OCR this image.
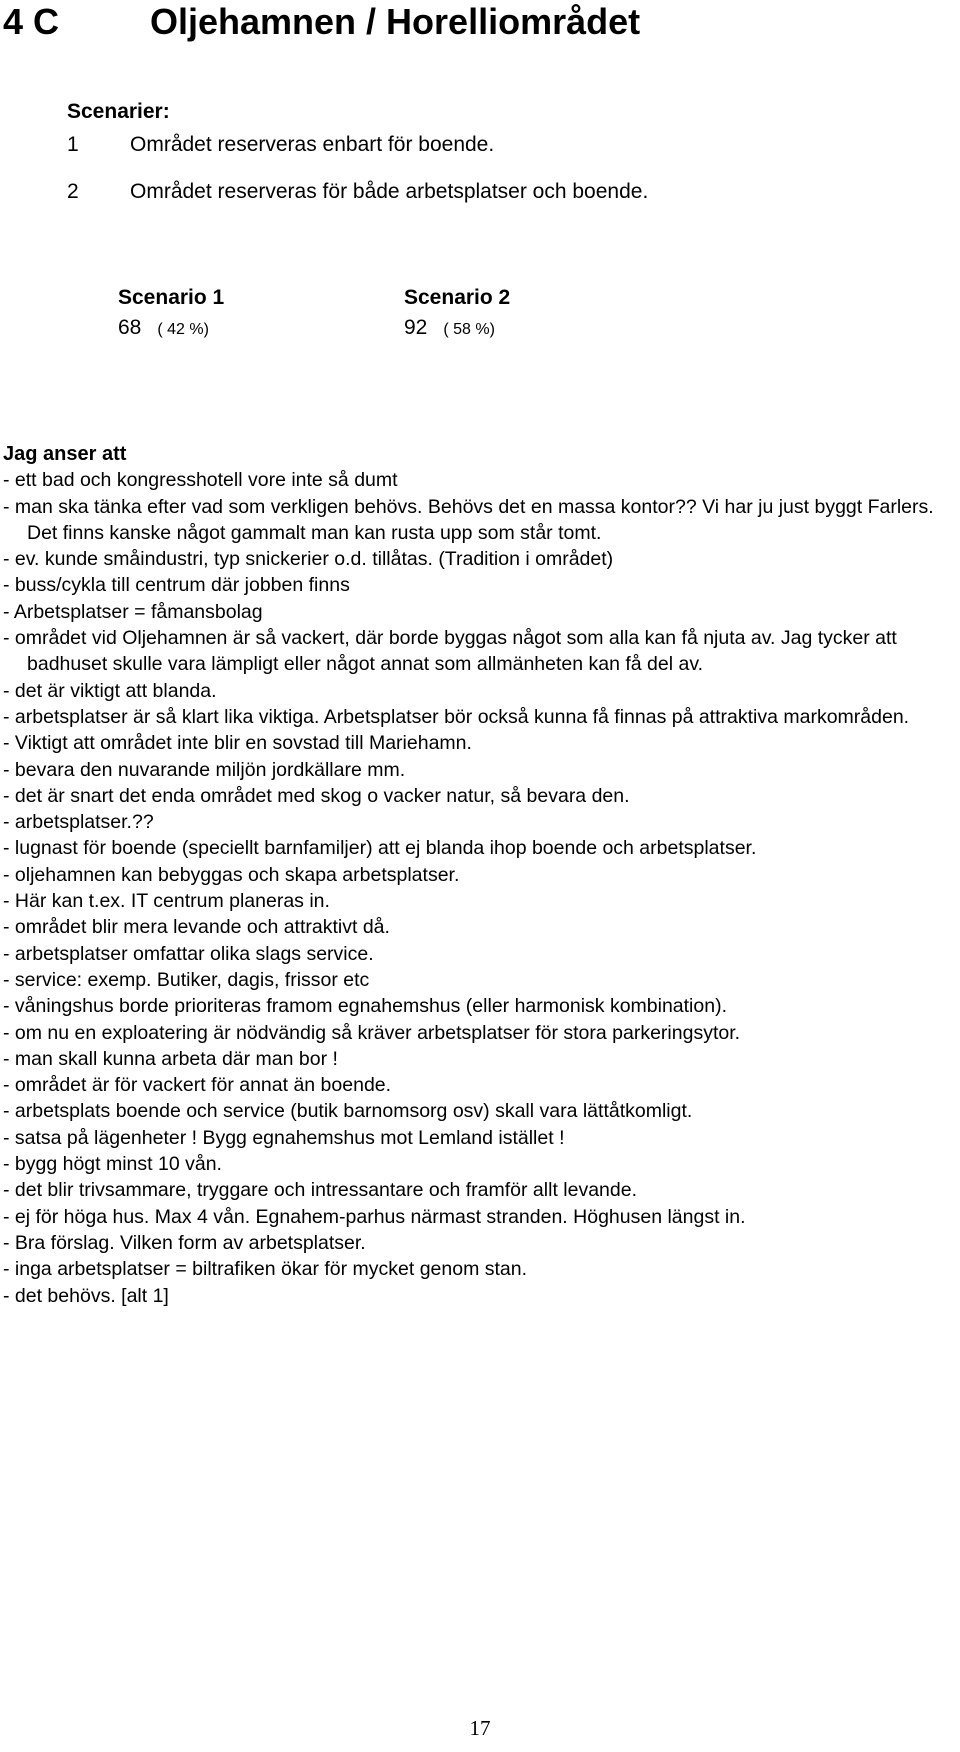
4 C	Oljehamnen / Horelliområdet
Scenarier:
1 Området reserveras enbart för boende.
2 Området reserveras för både arbetsplatser och boende.
Scenario 1
68 ( 42 %)
Scenario 2
92 ( 58 %)
Jag anser att
- ett bad och kongresshotell vore inte så dumt
- man ska tänka efter vad som verkligen behövs. Behövs det en massa kontor?? Vi har ju just byggt Farlers. Det finns kanske något gammalt man kan rusta upp som står tomt.
- ev. kunde småindustri, typ snickerier o.d. tillåtas. (Tradition i området)
- buss/cykla till centrum där jobben finns
- Arbetsplatser = fåmansbolag
- området vid Oljehamnen är så vackert, där borde byggas något som alla kan få njuta av. Jag tycker att badhuset skulle vara lämpligt eller något annat som allmänheten kan få del av.
- det är viktigt att blanda.
- arbetsplatser är så klart lika viktiga. Arbetsplatser bör också kunna få finnas på attraktiva markområden.
- Viktigt att området inte blir en sovstad till Mariehamn.
- bevara den nuvarande miljön jordkällare mm.
- det är snart det enda området med skog o vacker natur, så bevara den.
- arbetsplatser.??
- lugnast för boende (speciellt barnfamiljer) att ej blanda ihop boende och arbetsplatser.
- oljehamnen kan bebyggas och skapa arbetsplatser.
- Här kan t.ex. IT centrum planeras in.
- området blir mera levande och attraktivt då.
- arbetsplatser omfattar olika slags service.
- service: exemp. Butiker, dagis, frissor etc
- våningshus borde prioriteras framom egnahemshus (eller harmonisk kombination).
- om nu en exploatering är nödvändig så kräver arbetsplatser för stora parkeringsytor.
- man skall kunna arbeta där man bor !
- området är för vackert för annat än boende.
- arbetsplats boende och service (butik barnomsorg osv) skall vara lättåtkomligt.
- satsa på lägenheter ! Bygg egnahemshus mot Lemland istället !
- bygg högt minst 10 vån.
- det blir trivsammare, tryggare och intressantare och framför allt levande.
- ej för höga hus. Max 4 vån. Egnahem-parhus närmast stranden. Höghusen längst in.
- Bra förslag. Vilken form av arbetsplatser.
- inga arbetsplatser = biltrafiken ökar för mycket genom stan.
- det behövs. [alt 1]
17
